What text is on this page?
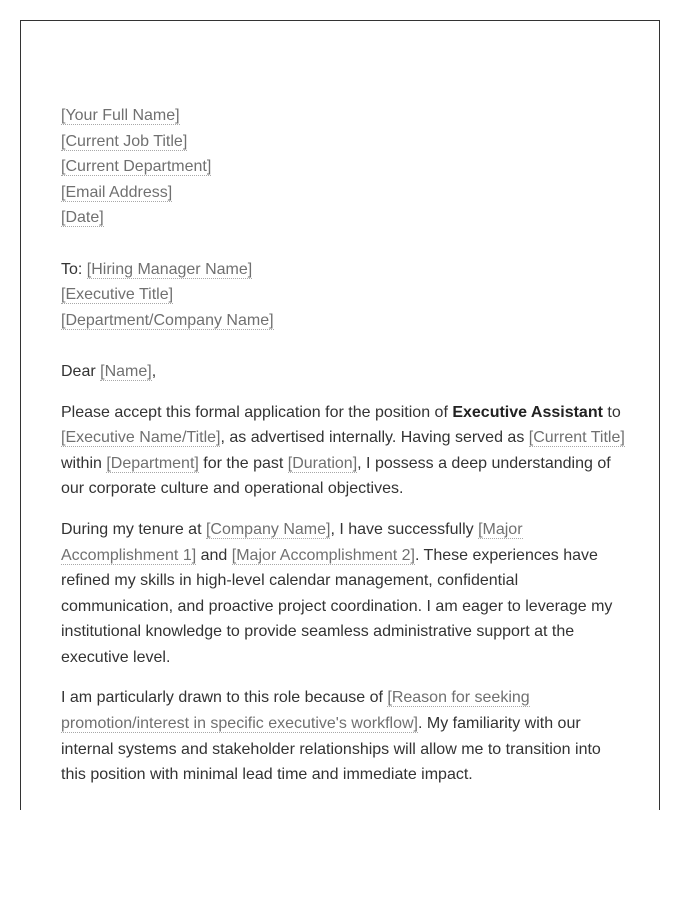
[Your Full Name]
[Current Job Title]
[Current Department]
[Email Address]
[Date]
To: [Hiring Manager Name]
[Executive Title]
[Department/Company Name]

Dear [Name],

Please accept this formal application for the position of Executive Assistant to [Executive Name/Title], as advertised internally. Having served as [Current Title] within [Department] for the past [Duration], I possess a deep understanding of our corporate culture and operational objectives.

During my tenure at [Company Name], I have successfully [Major Accomplishment 1] and [Major Accomplishment 2]. These experiences have refined my skills in high-level calendar management, confidential communication, and proactive project coordination. I am eager to leverage my institutional knowledge to provide seamless administrative support at the executive level.

I am particularly drawn to this role because of [Reason for seeking promotion/interest in specific executive's workflow]. My familiarity with our internal systems and stakeholder relationships will allow me to transition into this position with minimal lead time and immediate impact.
